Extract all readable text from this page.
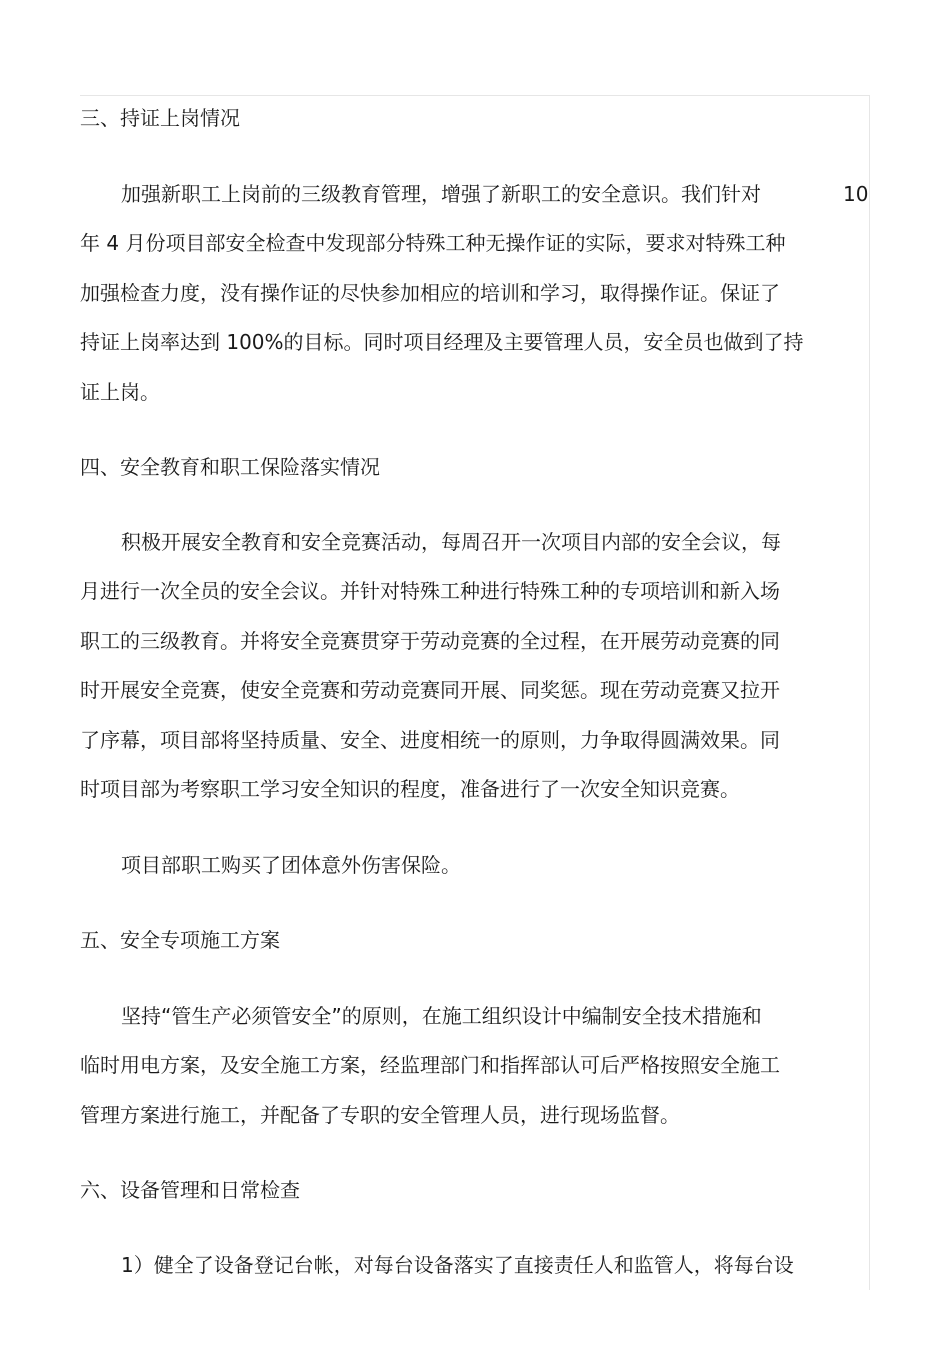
10
三、持证上岗情况
加强新职工上岗前的三级教育管理，增强了新职工的安全意识。我们针对
年 4 月份项目部安全检查中发现部分特殊工种无操作证的实际，要求对特殊工种
加强检查力度，没有操作证的尽快参加相应的培训和学习，取得操作证。保证了
持证上岗率达到 100%的目标。同时项目经理及主要管理人员，安全员也做到了持
证上岗。
四、安全教育和职工保险落实情况
积极开展安全教育和安全竞赛活动，每周召开一次项目内部的安全会议，每
月进行一次全员的安全会议。并针对特殊工种进行特殊工种的专项培训和新入场
职工的三级教育。并将安全竞赛贯穿于劳动竞赛的全过程，在开展劳动竞赛的同
时开展安全竞赛，使安全竞赛和劳动竞赛同开展、同奖惩。现在劳动竞赛又拉开
了序幕，项目部将坚持质量、安全、进度相统一的原则，力争取得圆满效果。同
时项目部为考察职工学习安全知识的程度，准备进行了一次安全知识竞赛。
项目部职工购买了团体意外伤害保险。
五、安全专项施工方案
坚持“管生产必须管安全”的原则，在施工组织设计中编制安全技术措施和
临时用电方案，及安全施工方案，经监理部门和指挥部认可后严格按照安全施工
管理方案进行施工，并配备了专职的安全管理人员，进行现场监督。
六、设备管理和日常检查
1）健全了设备登记台帐，对每台设备落实了直接责任人和监管人，将每台设
